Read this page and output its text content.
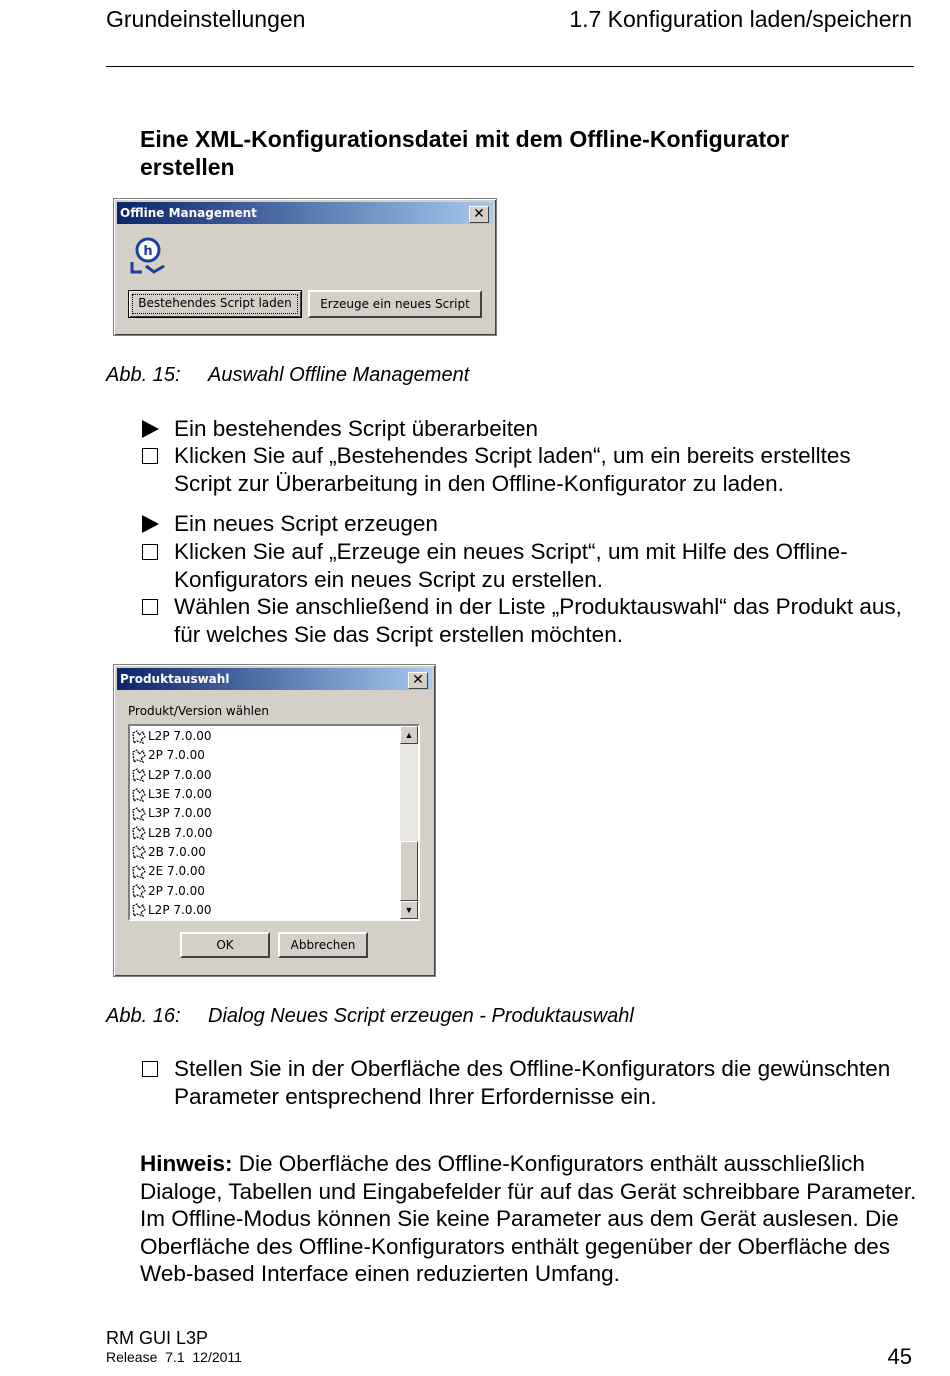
Grundeinstellungen	1.7 Konfiguration laden/speichern
Eine XML-Konfigurationsdatei mit dem Offline-Konfigurator erstellen
Offline Management	✕
h
Bestehendes Script laden	Erzeuge ein neues Script
Abb. 15: Auswahl Offline Management
Ein bestehendes Script überarbeiten
Klicken Sie auf „Bestehendes Script laden“, um ein bereits erstelltes Script zur Überarbeitung in den Offline-Konfigurator zu laden.
Ein neues Script erzeugen
Klicken Sie auf „Erzeuge ein neues Script“, um mit Hilfe des Offline-Konfigurators ein neues Script zu erstellen.
Wählen Sie anschließend in der Liste „Produktauswahl“ das Produkt aus, für welches Sie das Script erstellen möchten.
Produktauswahl	✕
Produkt/Version wählen
L2P 7.0.00
2P 7.0.00
L2P 7.0.00
L3E 7.0.00
L3P 7.0.00
L2B 7.0.00
2B 7.0.00
2E 7.0.00
2P 7.0.00
L2P 7.0.00
▲
▼
OK	Abbrechen
Abb. 16: Dialog Neues Script erzeugen - Produktauswahl
Stellen Sie in der Oberfläche des Offline-Konfigurators die gewünschten Parameter entsprechend Ihrer Erfordernisse ein.
Hinweis: Die Oberfläche des Offline-Konfigurators enthält ausschließlich Dialoge, Tabellen und Eingabefelder für auf das Gerät schreibbare Parameter. Im Offline-Modus können Sie keine Parameter aus dem Gerät auslesen. Die Oberfläche des Offline-Konfigurators enthält gegenüber der Oberfläche des Web-based Interface einen reduzierten Umfang.
RM GUI L3P
Release  7.1  12/2011	45
